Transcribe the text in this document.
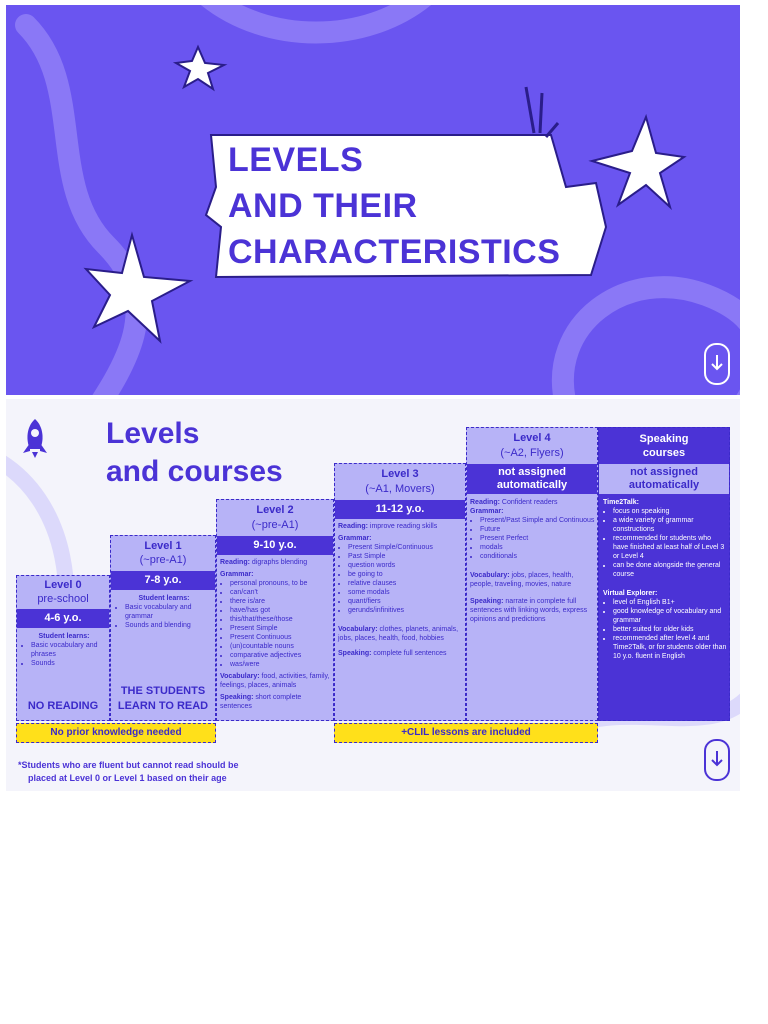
LEVELS
AND THEIR
CHARACTERISTICS
Levels
and courses
Level 0
pre-school
4-6 y.o.
Student learns:
• Basic vocabulary and phrases
• Sounds
NO READING
Level 1
(~pre-A1)
7-8 y.o.
Student learns:
• Basic vocabulary and grammar
• Sounds and blending
THE STUDENTS
LEARN TO READ
Level 2
(~pre-A1)
9-10 y.o.
Reading: digraphs blending
Grammar:
• personal pronouns, to be
• can/can't
• there is/are
• have/has got
• this/that/these/those
• Present Simple
• Present Continuous
• (un)countable nouns
• comparative adjectives
• was/were
Vocabulary: food, activities, family, feelings, places, animals
Speaking: short complete sentences
Level 3
(~A1, Movers)
11-12 y.o.
Reading: improve reading skills
Grammar:
• Present Simple/Continuous
• Past Simple
• question words
• be going to
• relative clauses
• some modals
• quant/fiers
• gerunds/infinitives
Vocabulary: clothes, planets, animals, jobs, places, health, food, hobbies
Speaking: complete full sentences
Level 4
(~A2, Flyers)
not assigned
automatically
Reading: Confident readers
Grammar:
• Present/Past Simple and Continuous
• Future
• Present Perfect
• modals
• conditionals
Vocabulary: jobs, places, health, people, traveling, movies, nature
Speaking: narrate in complete full sentences with linking words, express opinions and predictions
Speaking
courses
not assigned
automatically
Time2Talk:
• focus on speaking
• a wide variety of grammar constructions
• recommended for students who have finished at least half of Level 3 or Level 4
• can be done alongside the general course
Virtual Explorer:
• level of English B1+
• good knowledge of vocabulary and grammar
• better suited for older kids
• recommended after level 4 and Time2Talk, or for students older than 10 y.o. fluent in English
No prior knowledge needed	+CLIL lessons are included
*Students who are fluent but cannot read should be
placed at Level 0 or Level 1 based on their age
